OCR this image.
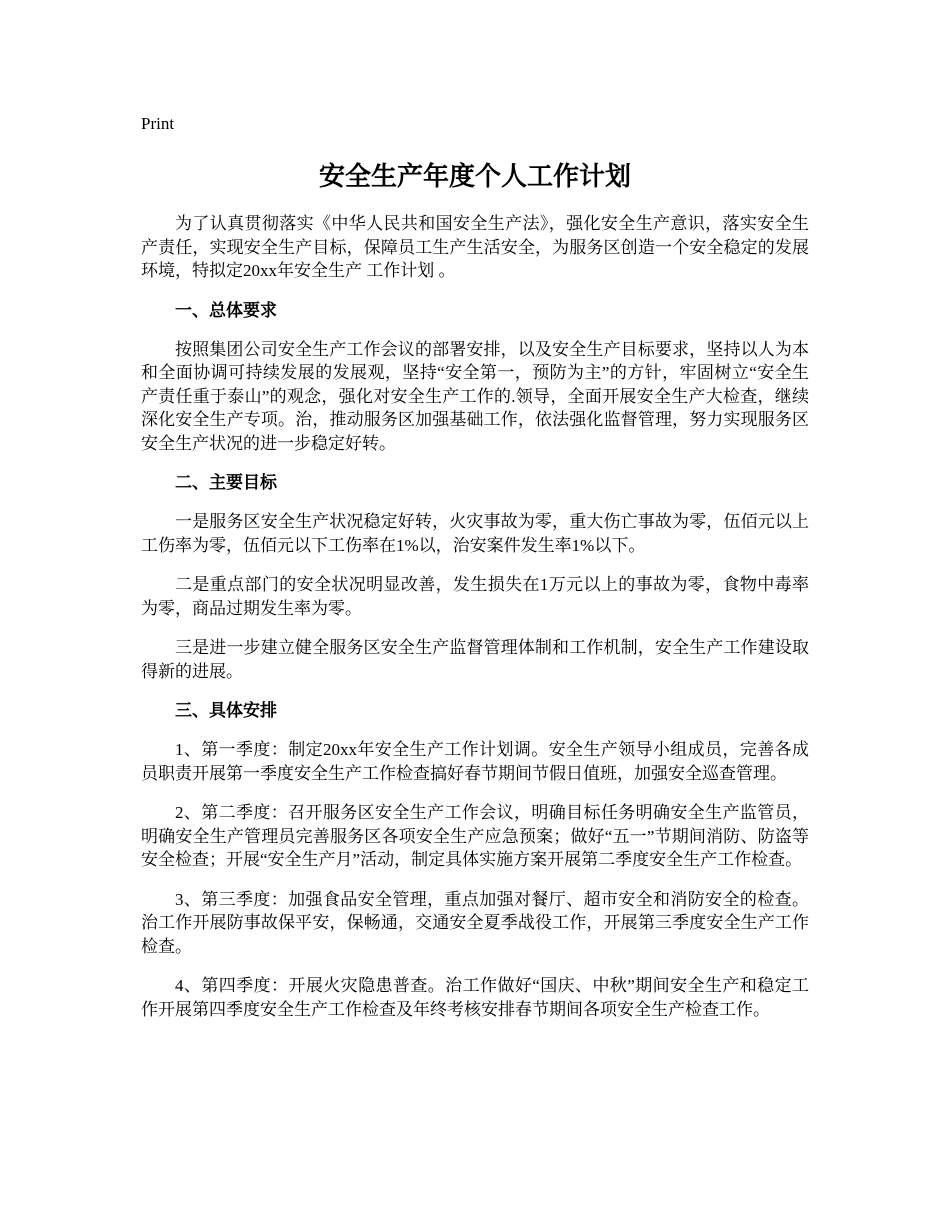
Print
安全生产年度个人工作计划

为了认真贯彻落实《中华人民共和国安全生产法》，强化安全生产意识，落实安全生产责任，实现安全生产目标，保障员工生产生活安全，为服务区创造一个安全稳定的发展环境，特拟定20xx年安全生产 工作计划 。

一、总体要求

按照集团公司安全生产工作会议的部署安排，以及安全生产目标要求，坚持以人为本和全面协调可持续发展的发展观，坚持“安全第一，预防为主”的方针，牢固树立“安全生产责任重于泰山”的观念，强化对安全生产工作的.领导，全面开展安全生产大检查，继续深化安全生产专项。治，推动服务区加强基础工作，依法强化监督管理，努力实现服务区安全生产状况的进一步稳定好转。

二、主要目标

一是服务区安全生产状况稳定好转，火灾事故为零，重大伤亡事故为零，伍佰元以上工伤率为零，伍佰元以下工伤率在1%以，治安案件发生率1%以下。

二是重点部门的安全状况明显改善，发生损失在1万元以上的事故为零，食物中毒率为零，商品过期发生率为零。

三是进一步建立健全服务区安全生产监督管理体制和工作机制，安全生产工作建设取得新的进展。

三、具体安排

1、第一季度：制定20xx年安全生产工作计划调。安全生产领导小组成员，完善各成员职责开展第一季度安全生产工作检查搞好春节期间节假日值班，加强安全巡查管理。

2、第二季度：召开服务区安全生产工作会议，明确目标任务明确安全生产监管员，明确安全生产管理员完善服务区各项安全生产应急预案；做好“五一”节期间消防、防盗等安全检查；开展“安全生产月”活动，制定具体实施方案开展第二季度安全生产工作检查。

3、第三季度：加强食品安全管理，重点加强对餐厅、超市安全和消防安全的检查。治工作开展防事故保平安，保畅通，交通安全夏季战役工作，开展第三季度安全生产工作检查。

4、第四季度：开展火灾隐患普查。治工作做好“国庆、中秋”期间安全生产和稳定工作开展第四季度安全生产工作检查及年终考核安排春节期间各项安全生产检查工作。
